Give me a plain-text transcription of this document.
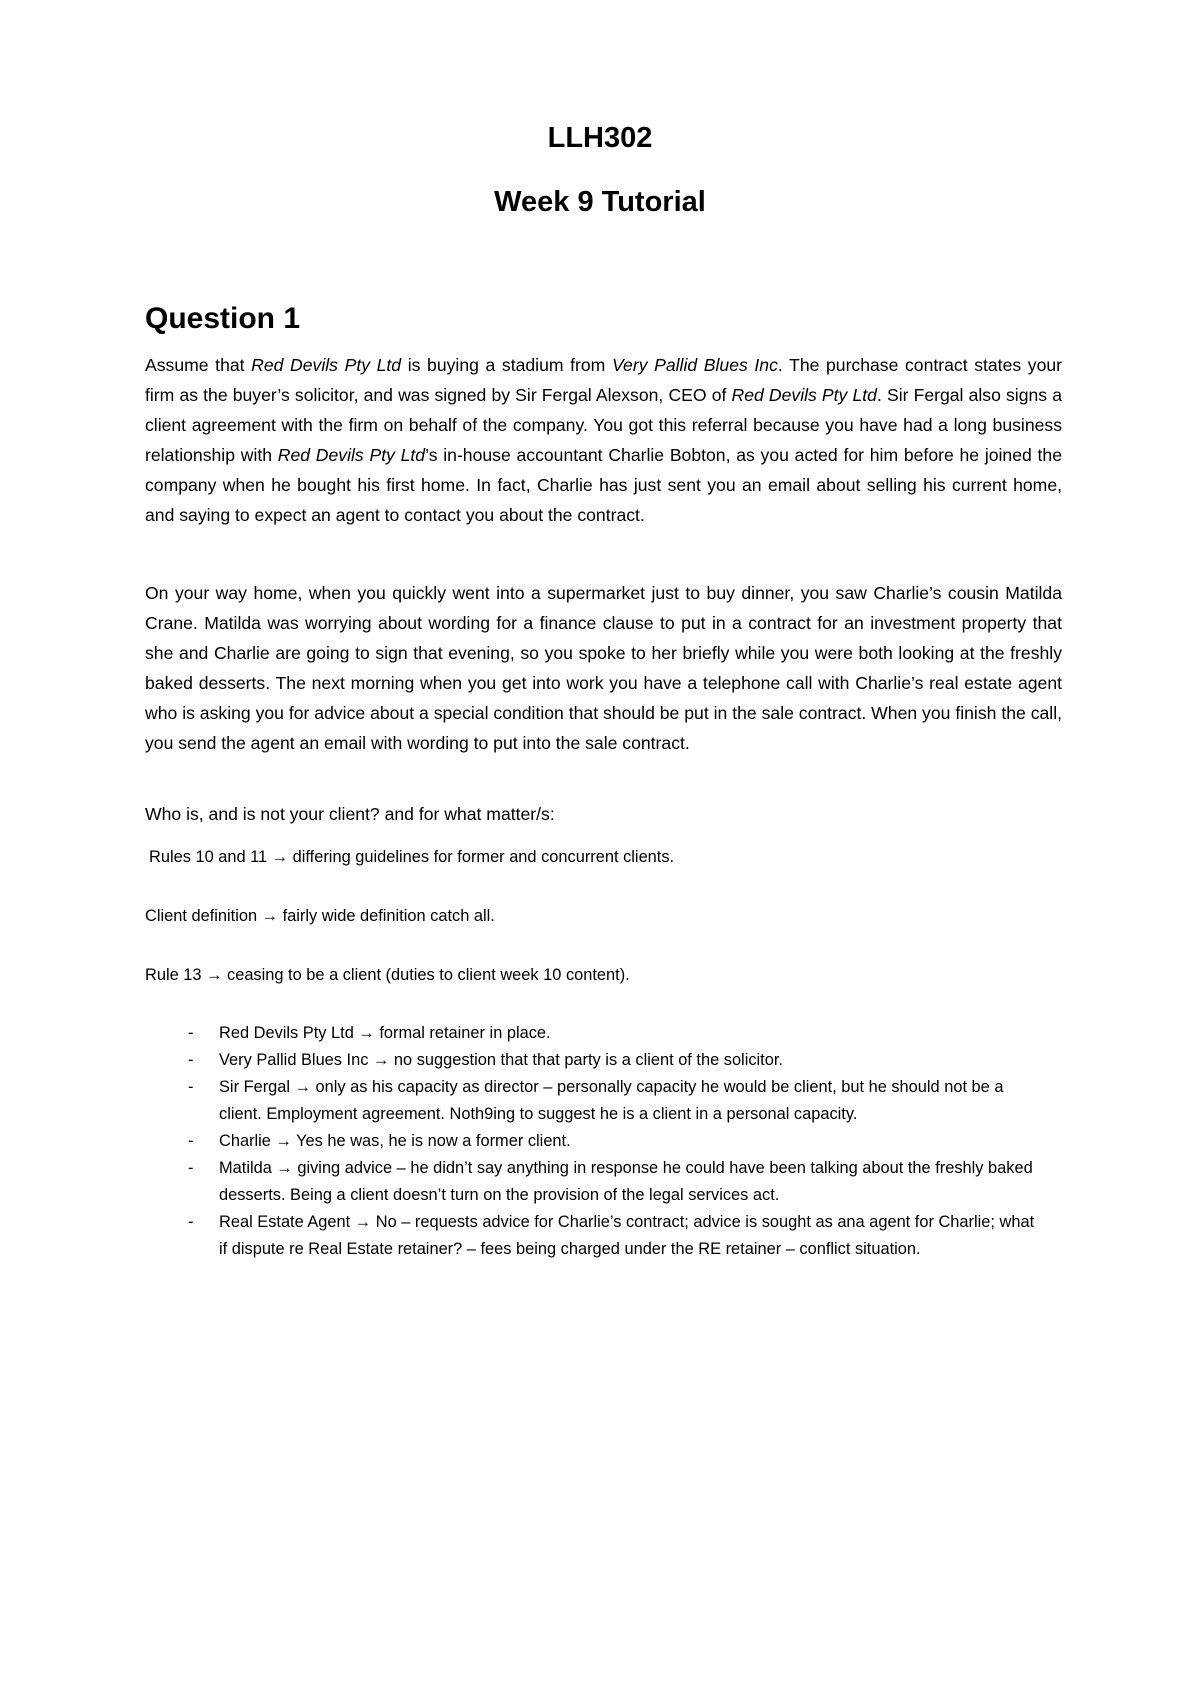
LLH302
Week 9 Tutorial
Question 1

Assume that Red Devils Pty Ltd is buying a stadium from Very Pallid Blues Inc. The purchase contract states your firm as the buyer’s solicitor, and was signed by Sir Fergal Alexson, CEO of Red Devils Pty Ltd. Sir Fergal also signs a client agreement with the firm on behalf of the company. You got this referral because you have had a long business relationship with Red Devils Pty Ltd’s in-house accountant Charlie Bobton, as you acted for him before he joined the company when he bought his first home. In fact, Charlie has just sent you an email about selling his current home, and saying to expect an agent to contact you about the contract.

On your way home, when you quickly went into a supermarket just to buy dinner, you saw Charlie’s cousin Matilda Crane. Matilda was worrying about wording for a finance clause to put in a contract for an investment property that she and Charlie are going to sign that evening, so you spoke to her briefly while you were both looking at the freshly baked desserts. The next morning when you get into work you have a telephone call with Charlie’s real estate agent who is asking you for advice about a special condition that should be put in the sale contract. When you finish the call, you send the agent an email with wording to put into the sale contract.

Who is, and is not your client? and for what matter/s:

Rules 10 and 11 → differing guidelines for former and concurrent clients.

Client definition → fairly wide definition catch all.

Rule 13 → ceasing to be a client (duties to client week 10 content).

- Red Devils Pty Ltd → formal retainer in place.
- Very Pallid Blues Inc → no suggestion that that party is a client of the solicitor.
- Sir Fergal → only as his capacity as director – personally capacity he would be client, but he should not be a client. Employment agreement. Noth9ing to suggest he is a client in a personal capacity.
- Charlie → Yes he was, he is now a former client.
- Matilda → giving advice – he didn’t say anything in response he could have been talking about the freshly baked desserts. Being a client doesn’t turn on the provision of the legal services act.
- Real Estate Agent → No – requests advice for Charlie’s contract; advice is sought as ana agent for Charlie; what if dispute re Real Estate retainer? – fees being charged under the RE retainer – conflict situation.
